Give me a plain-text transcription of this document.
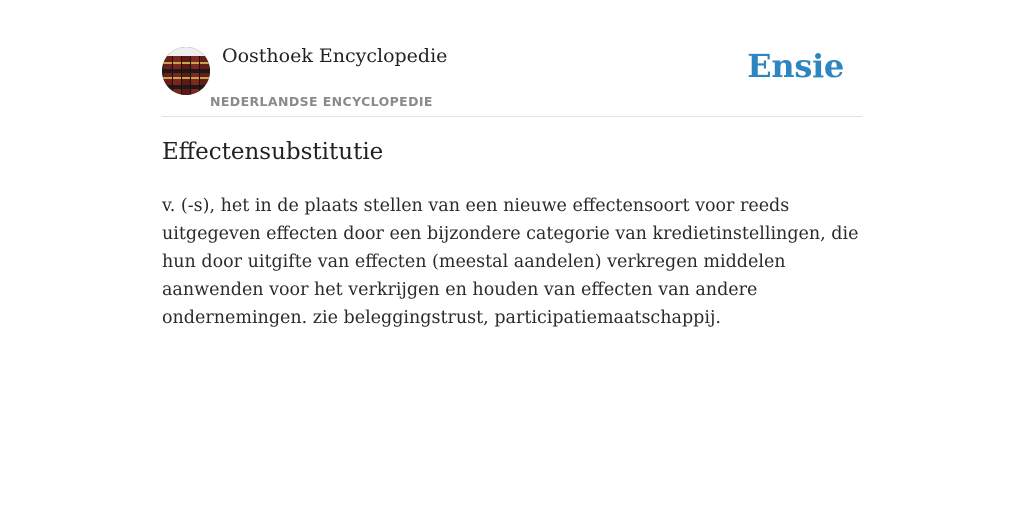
Oosthoek Encyclopedie
NEDERLANDSE ENCYCLOPEDIE
Ensie
Effectensubstitutie

v. (-s), het in de plaats stellen van een nieuwe effectensoort voor reeds uitgegeven effecten door een bijzondere categorie van kredietinstellingen, die hun door uitgifte van effecten (meestal aandelen) verkregen middelen aanwenden voor het verkrijgen en houden van effecten van andere ondernemingen. zie beleggingstrust, participatiemaatschappij.
